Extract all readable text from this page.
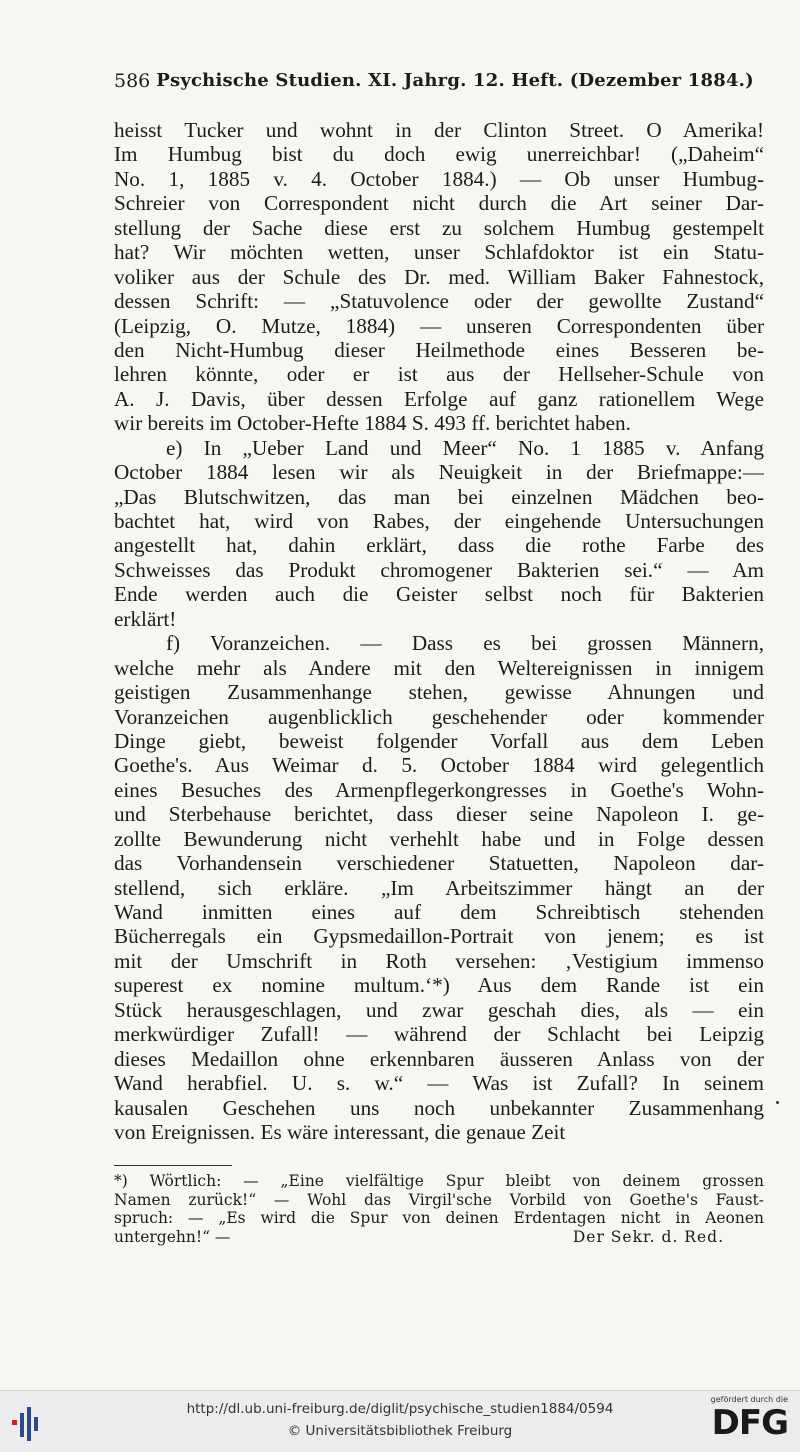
586 Psychische Studien. XI. Jahrg. 12. Heft. (Dezember 1884.)
heisst Tucker und wohnt in der Clinton Street. O Amerika!
Im Humbug bist du doch ewig unerreichbar! („Daheim“
No. 1, 1885 v. 4. October 1884.) — Ob unser Humbug-
Schreier von Correspondent nicht durch die Art seiner Dar-
stellung der Sache diese erst zu solchem Humbug gestempelt
hat? Wir möchten wetten, unser Schlafdoktor ist ein Statu-
voliker aus der Schule des Dr. med. William Baker Fahnestock,
dessen Schrift: — „Statuvolence oder der gewollte Zustand“
(Leipzig, O. Mutze, 1884) — unseren Correspondenten über
den Nicht-Humbug dieser Heilmethode eines Besseren be-
lehren könnte, oder er ist aus der Hellseher-Schule von
A. J. Davis, über dessen Erfolge auf ganz rationellem Wege
wir bereits im October-Hefte 1884 S. 493 ff. berichtet haben.
e) In „Ueber Land und Meer“ No. 1 1885 v. Anfang
October 1884 lesen wir als Neuigkeit in der Briefmappe:—
„Das Blutschwitzen, das man bei einzelnen Mädchen beo-
bachtet hat, wird von Rabes, der eingehende Untersuchungen
angestellt hat, dahin erklärt, dass die rothe Farbe des
Schweisses das Produkt chromogener Bakterien sei.“ — Am
Ende werden auch die Geister selbst noch für Bakterien
erklärt!
f) Voranzeichen. — Dass es bei grossen Männern,
welche mehr als Andere mit den Weltereignissen in innigem
geistigen Zusammenhange stehen, gewisse Ahnungen und
Voranzeichen augenblicklich geschehender oder kommender
Dinge giebt, beweist folgender Vorfall aus dem Leben
Goethe's. Aus Weimar d. 5. October 1884 wird gelegentlich
eines Besuches des Armenpflegerkongresses in Goethe's Wohn-
und Sterbehause berichtet, dass dieser seine Napoleon I. ge-
zollte Bewunderung nicht verhehlt habe und in Folge dessen
das Vorhandensein verschiedener Statuetten, Napoleon dar-
stellend, sich erkläre. „Im Arbeitszimmer hängt an der
Wand inmitten eines auf dem Schreibtisch stehenden
Bücherregals ein Gypsmedaillon-Portrait von jenem; es ist
mit der Umschrift in Roth versehen: ‚Vestigium immenso
superest ex nomine multum.‘*) Aus dem Rande ist ein
Stück herausgeschlagen, und zwar geschah dies, als — ein
merkwürdiger Zufall! — während der Schlacht bei Leipzig
dieses Medaillon ohne erkennbaren äusseren Anlass von der
Wand herabfiel. U. s. w.“ — Was ist Zufall? In seinem
kausalen Geschehen uns noch unbekannter Zusammenhang
von Ereignissen. Es wäre interessant, die genaue Zeit
*) Wörtlich: — „Eine vielfältige Spur bleibt von deinem grossen
Namen zurück!“ — Wohl das Virgil'sche Vorbild von Goethe's Faust-
spruch: — „Es wird die Spur von deinen Erdentagen nicht in Aeonen
untergehn!“ —	Der Sekr. d. Red.
http://dl.ub.uni-freiburg.de/diglit/psychische_studien1884/0594
© Universitätsbibliothek Freiburg
gefördert durch die
DFG
